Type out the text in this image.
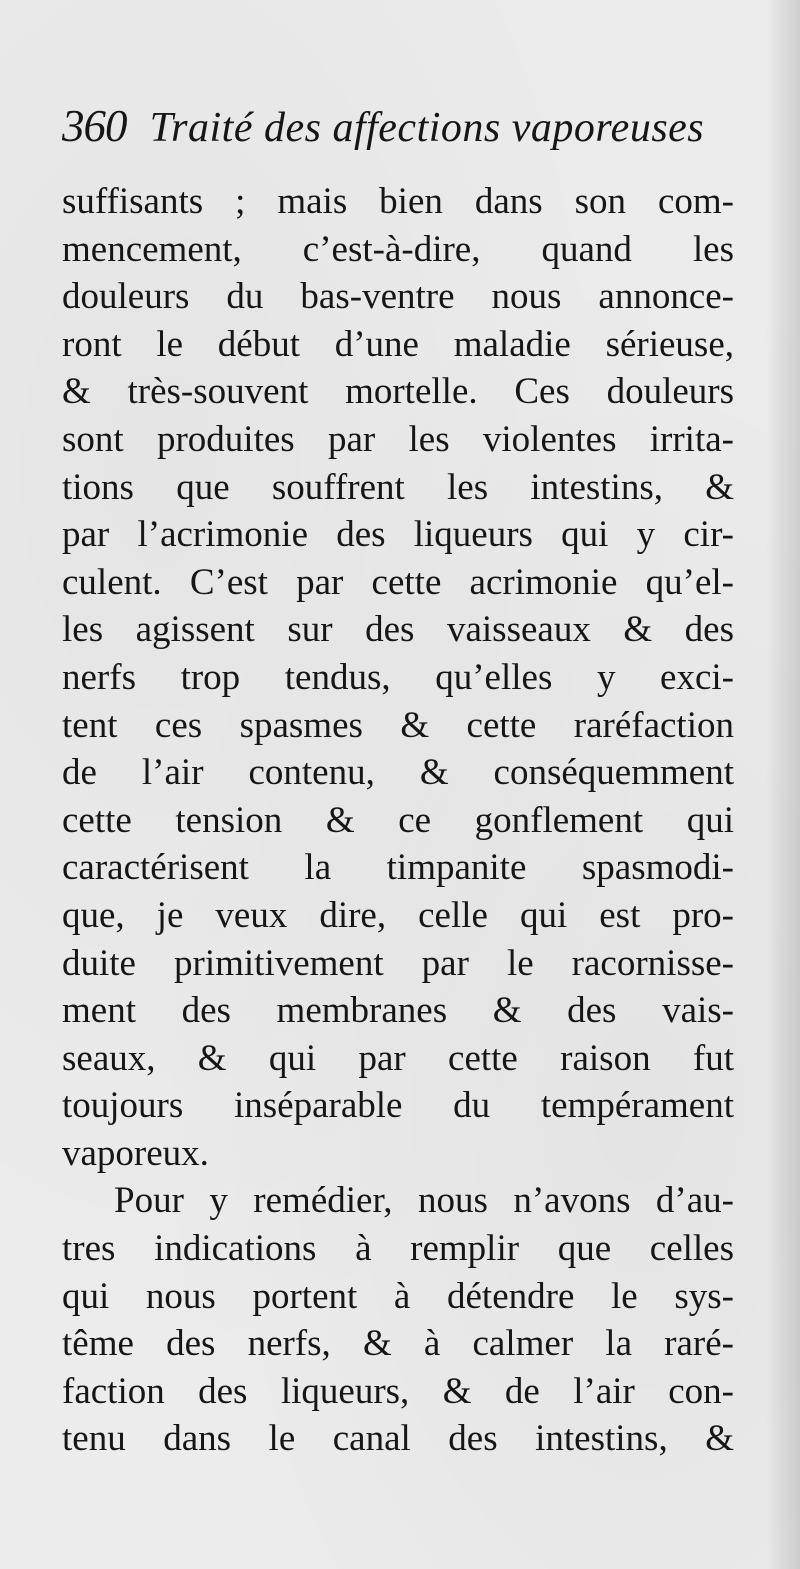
360 Traité des affections vaporeuses
suffisants ; mais bien dans son com-
mencement, c’est-à-dire, quand les
douleurs du bas-ventre nous annonce-
ront le début d’une maladie sérieuse,
& très-souvent mortelle. Ces douleurs
sont produites par les violentes irrita-
tions que souffrent les intestins, &
par l’acrimonie des liqueurs qui y cir-
culent. C’est par cette acrimonie qu’el-
les agissent sur des vaisseaux & des
nerfs trop tendus, qu’elles y exci-
tent ces spasmes & cette raréfaction
de l’air contenu, & conséquemment
cette tension & ce gonflement qui
caractérisent la timpanite spasmodi-
que, je veux dire, celle qui est pro-
duite primitivement par le racornisse-
ment des membranes & des vais-
seaux, & qui par cette raison fut
toujours inséparable du tempérament
vaporeux.
Pour y remédier, nous n’avons d’au-
tres indications à remplir que celles
qui nous portent à détendre le sys-
tême des nerfs, & à calmer la raré-
faction des liqueurs, & de l’air con-
tenu dans le canal des intestins, &
